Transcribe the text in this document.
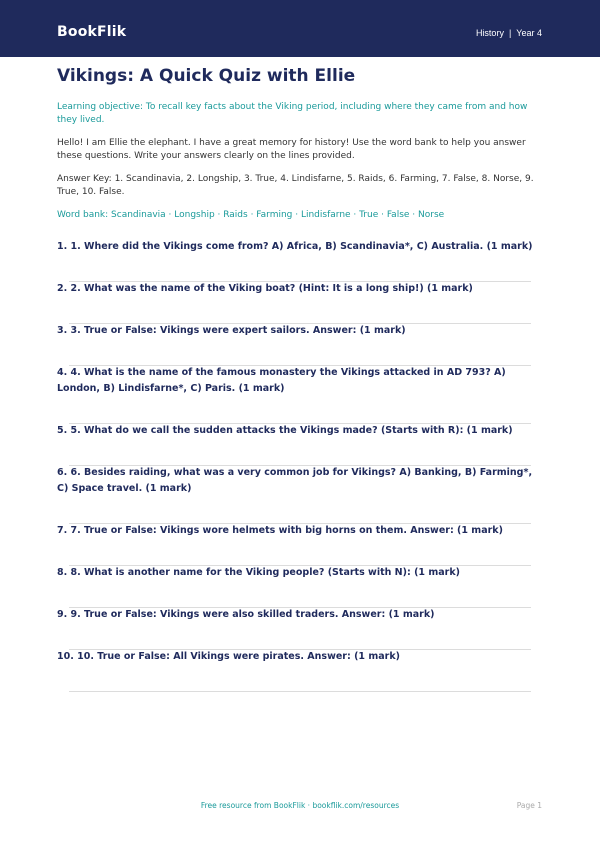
BookFlik	History | Year 4
Vikings: A Quick Quiz with Ellie

Learning objective: To recall key facts about the Viking period, including where they came from and how they lived.

Hello! I am Ellie the elephant. I have a great memory for history! Use the word bank to help you answer these questions. Write your answers clearly on the lines provided.

Answer Key: 1. Scandinavia, 2. Longship, 3. True, 4. Lindisfarne, 5. Raids, 6. Farming, 7. False, 8. Norse, 9. True, 10. False.

Word bank: Scandinavia · Longship · Raids · Farming · Lindisfarne · True · False · Norse

1. 1. Where did the Vikings come from? A) Africa, B) Scandinavia*, C) Australia. (1 mark)

2. 2. What was the name of the Viking boat? (Hint: It is a long ship!) (1 mark)

3. 3. True or False: Vikings were expert sailors. Answer: (1 mark)

4. 4. What is the name of the famous monastery the Vikings attacked in AD 793? A) London, B) Lindisfarne*, C) Paris. (1 mark)

5. 5. What do we call the sudden attacks the Vikings made? (Starts with R): (1 mark)

6. 6. Besides raiding, what was a very common job for Vikings? A) Banking, B) Farming*, C) Space travel. (1 mark)

7. 7. True or False: Vikings wore helmets with big horns on them. Answer: (1 mark)

8. 8. What is another name for the Viking people? (Starts with N): (1 mark)

9. 9. True or False: Vikings were also skilled traders. Answer: (1 mark)

10. 10. True or False: All Vikings were pirates. Answer: (1 mark)

Free resource from BookFlik · bookflik.com/resources	Page 1
